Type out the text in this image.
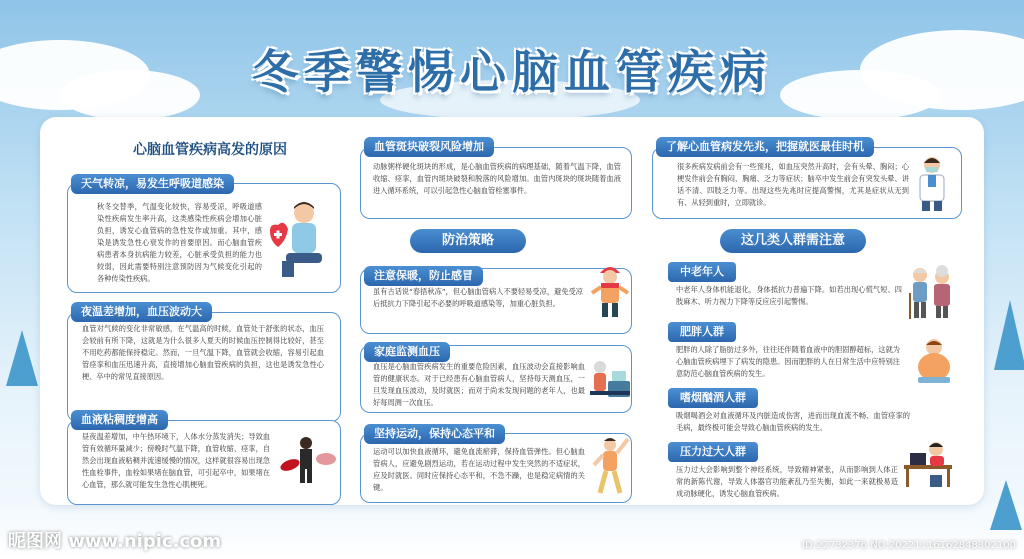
冬季警惕心脑血管疾病
心脑血管疾病高发的原因
天气转凉，易发生呼吸道感染
秋冬交替季，气温变化较快，容易受凉，呼吸道感染性疾病发生率升高，这类感染性疾病会增加心脏负担，诱发心血管病的急性发作或加重。其中，感染是诱发急性心衰发作的首要原因。而心脑血管疾病患者本身抗病能力较差，心脏承受负担的能力也较弱，因此需要特别注意预防因为气候变化引起的各种传染性疾病。
夜温差增加，血压波动大
血管对气候的变化非常敏感，在气温高的时候，血管处于舒张的状态，血压会较前有所下降，这就是为什么很多人夏天的时候血压控制得比较好，甚至不用吃药都能保持稳定。然而，一旦气温下降，血管就会收缩，容易引起血管痉挛和血压迅速升高，直接增加心脑血管疾病的负担，这也是诱发急性心梗、卒中的常见直接原因。
血液粘稠度增高
昼夜温差增加，中午热环境下，人体水分蒸发消失；导致血管有效循环量减少；傍晚时气温下降，血管收缩、痉挛，自然会出现血液粘稠并流速缓慢的情况，这样就很容易出现急性血栓事件，血栓如果堵在脑血管，可引起卒中，如果堵在心血管，那么就可能发生急性心肌梗死。
血管斑块破裂风险增加
动脉粥样硬化斑块的形成，是心脑血管疾病的病理基础，随着气温下降，血管收缩、痉挛，血管内斑块破裂和脱落的风险增加。血管内斑块的斑块随着血液进入循环系统，可以引起急性心脑血管栓塞事件。
防治策略
注意保暖，防止感冒
虽有古话说“春捂秋冻”，但心脑血管病人不要轻易受凉，避免受凉后抵抗力下降引起不必要的呼吸道感染等，加重心脏负担。
家庭监测血压
血压是心脑血管疾病发生的重要危险因素，血压波动会直接影响血管的健康状态。对于已经患有心脑血管病人，坚持每天测血压，一旦发现血压波动，及时就医；而对于尚未发现问题的老年人，也最好每周测一次血压。
坚持运动，保持心态平和
运动可以加快血液循环，避免血流瘀滞，保持血管弹性。但心脑血管病人，应避免剧烈运动，若在运动过程中发生突然的不适症状，应及时就医。同时应保持心态平和，不急不躁，也是稳定病情的关键。
了解心血管病发先兆，把握就医最佳时机
很多疾病发病前会有一些预兆，如血压突然升高时，会有头晕、胸闷；心梗发作前会有胸闷、胸痛、乏力等症状；脑卒中发生前会有突发头晕、讲话不清、四肢乏力等。出现这些先兆时应提高警惕，尤其是症状从无到有、从轻到重时，立即就诊。
这几类人群需注意
中老年人
中老年人身体机能退化，身体抵抗力普遍下降。如若出现心慌气短、四肢麻木、听力视力下降等反应应引起警惕。
肥胖人群
肥胖的人除了脂肪过多外，往往还伴随着血液中的胆固醇超标，这就为心脑血管疾病埋下了病发的隐患。因而肥胖的人在日常生活中应特别注意防范心脑血管疾病的发生。
嗜烟酗酒人群
吸烟喝酒会对血液循环及内脏造成伤害，进而出现血流不畅、血管痉挛的毛病，最终极可能会导致心脑血管疾病的发生。
压力过大人群
压力过大会影响到整个神经系统，导致精神紧张，从而影响到人体正常的新陈代谢，导致人体器官功能紊乱乃至失衡，如此一来就极易造成动脉硬化，诱发心脑血管疾病。
昵图网 www.nipic.com	ID:22732376 NO:20221116162848302100
